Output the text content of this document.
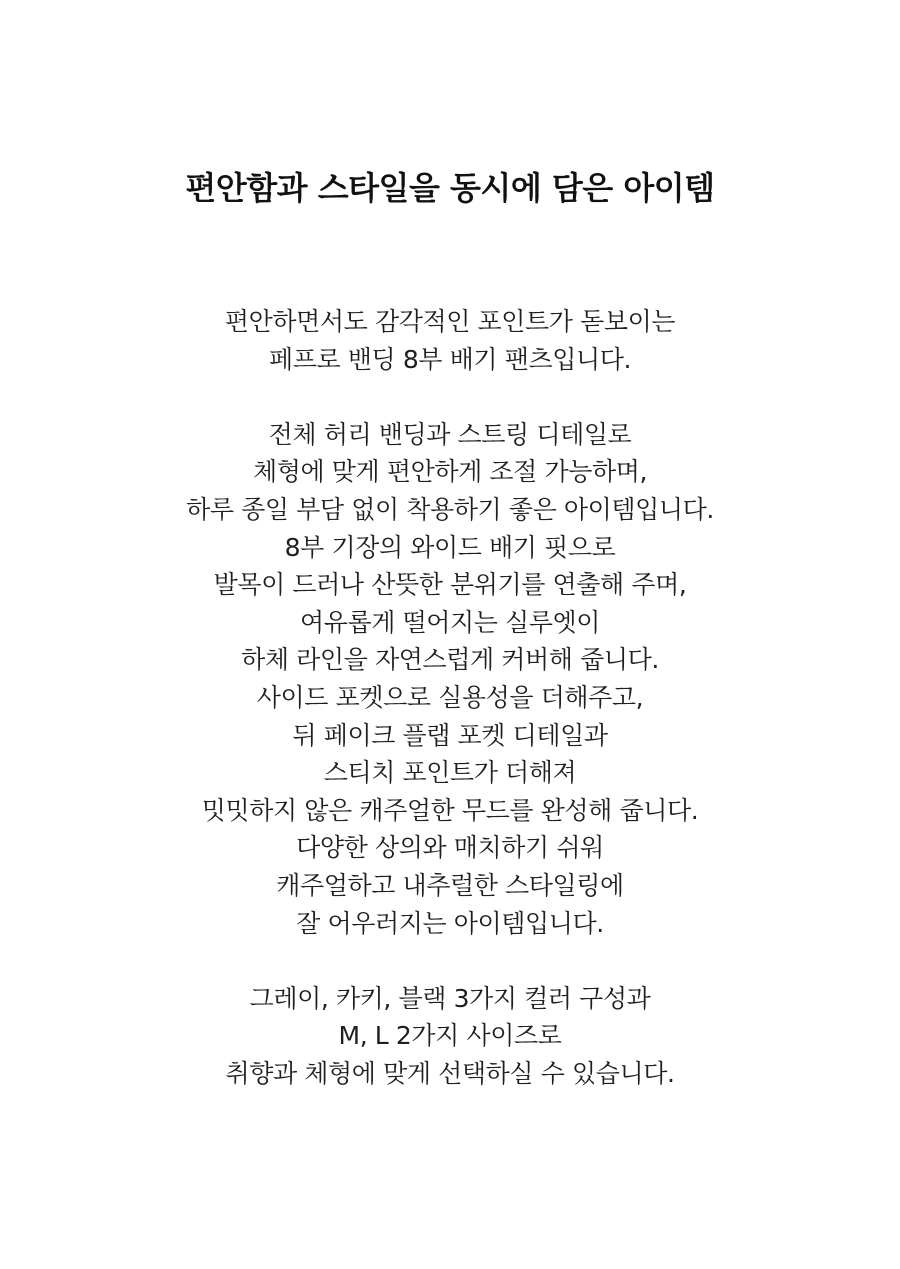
편안함과 스타일을 동시에 담은 아이템

편안하면서도 감각적인 포인트가 돋보이는
페프로 밴딩 8부 배기 팬츠입니다.

전체 허리 밴딩과 스트링 디테일로
체형에 맞게 편안하게 조절 가능하며,
하루 종일 부담 없이 착용하기 좋은 아이템입니다.
8부 기장의 와이드 배기 핏으로
발목이 드러나 산뜻한 분위기를 연출해 주며,
여유롭게 떨어지는 실루엣이
하체 라인을 자연스럽게 커버해 줍니다.
사이드 포켓으로 실용성을 더해주고,
뒤 페이크 플랩 포켓 디테일과
스티치 포인트가 더해져
밋밋하지 않은 캐주얼한 무드를 완성해 줍니다.
다양한 상의와 매치하기 쉬워
캐주얼하고 내추럴한 스타일링에
잘 어우러지는 아이템입니다.

그레이, 카키, 블랙 3가지 컬러 구성과
M, L 2가지 사이즈로
취향과 체형에 맞게 선택하실 수 있습니다.
